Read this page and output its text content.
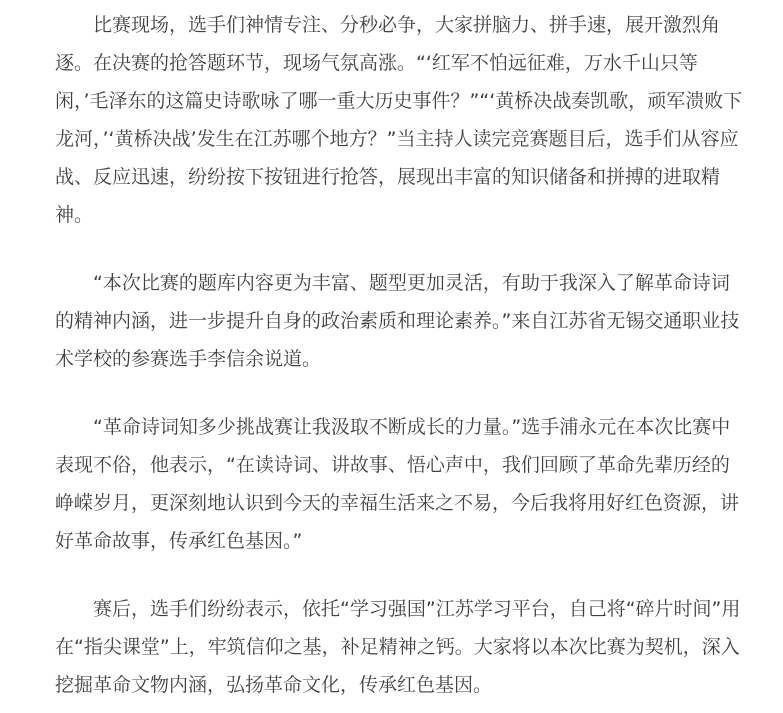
比赛现场，选手们神情专注、分秒必争，大家拼脑力、拼手速，展开激烈角逐。在决赛的抢答题环节，现场气氛高涨。“‘红军不怕远征难，万水千山只等闲，’毛泽东的这篇史诗歌咏了哪一重大历史事件？”“‘黄桥决战奏凯歌，顽军溃败下龙河，’‘黄桥决战’发生在江苏哪个地方？”当主持人读完竞赛题目后，选手们从容应战、反应迅速，纷纷按下按钮进行抢答，展现出丰富的知识储备和拼搏的进取精神。

“本次比赛的题库内容更为丰富、题型更加灵活，有助于我深入了解革命诗词的精神内涵，进一步提升自身的政治素质和理论素养。”来自江苏省无锡交通职业技术学校的参赛选手李信余说道。

“革命诗词知多少挑战赛让我汲取不断成长的力量。”选手浦永元在本次比赛中表现不俗，他表示，“在读诗词、讲故事、悟心声中，我们回顾了革命先辈历经的峥嵘岁月，更深刻地认识到今天的幸福生活来之不易，今后我将用好红色资源，讲好革命故事，传承红色基因。”

赛后，选手们纷纷表示，依托“学习强国”江苏学习平台，自己将“碎片时间”用在“指尖课堂”上，牢筑信仰之基，补足精神之钙。大家将以本次比赛为契机，深入挖掘革命文物内涵，弘扬革命文化，传承红色基因。
